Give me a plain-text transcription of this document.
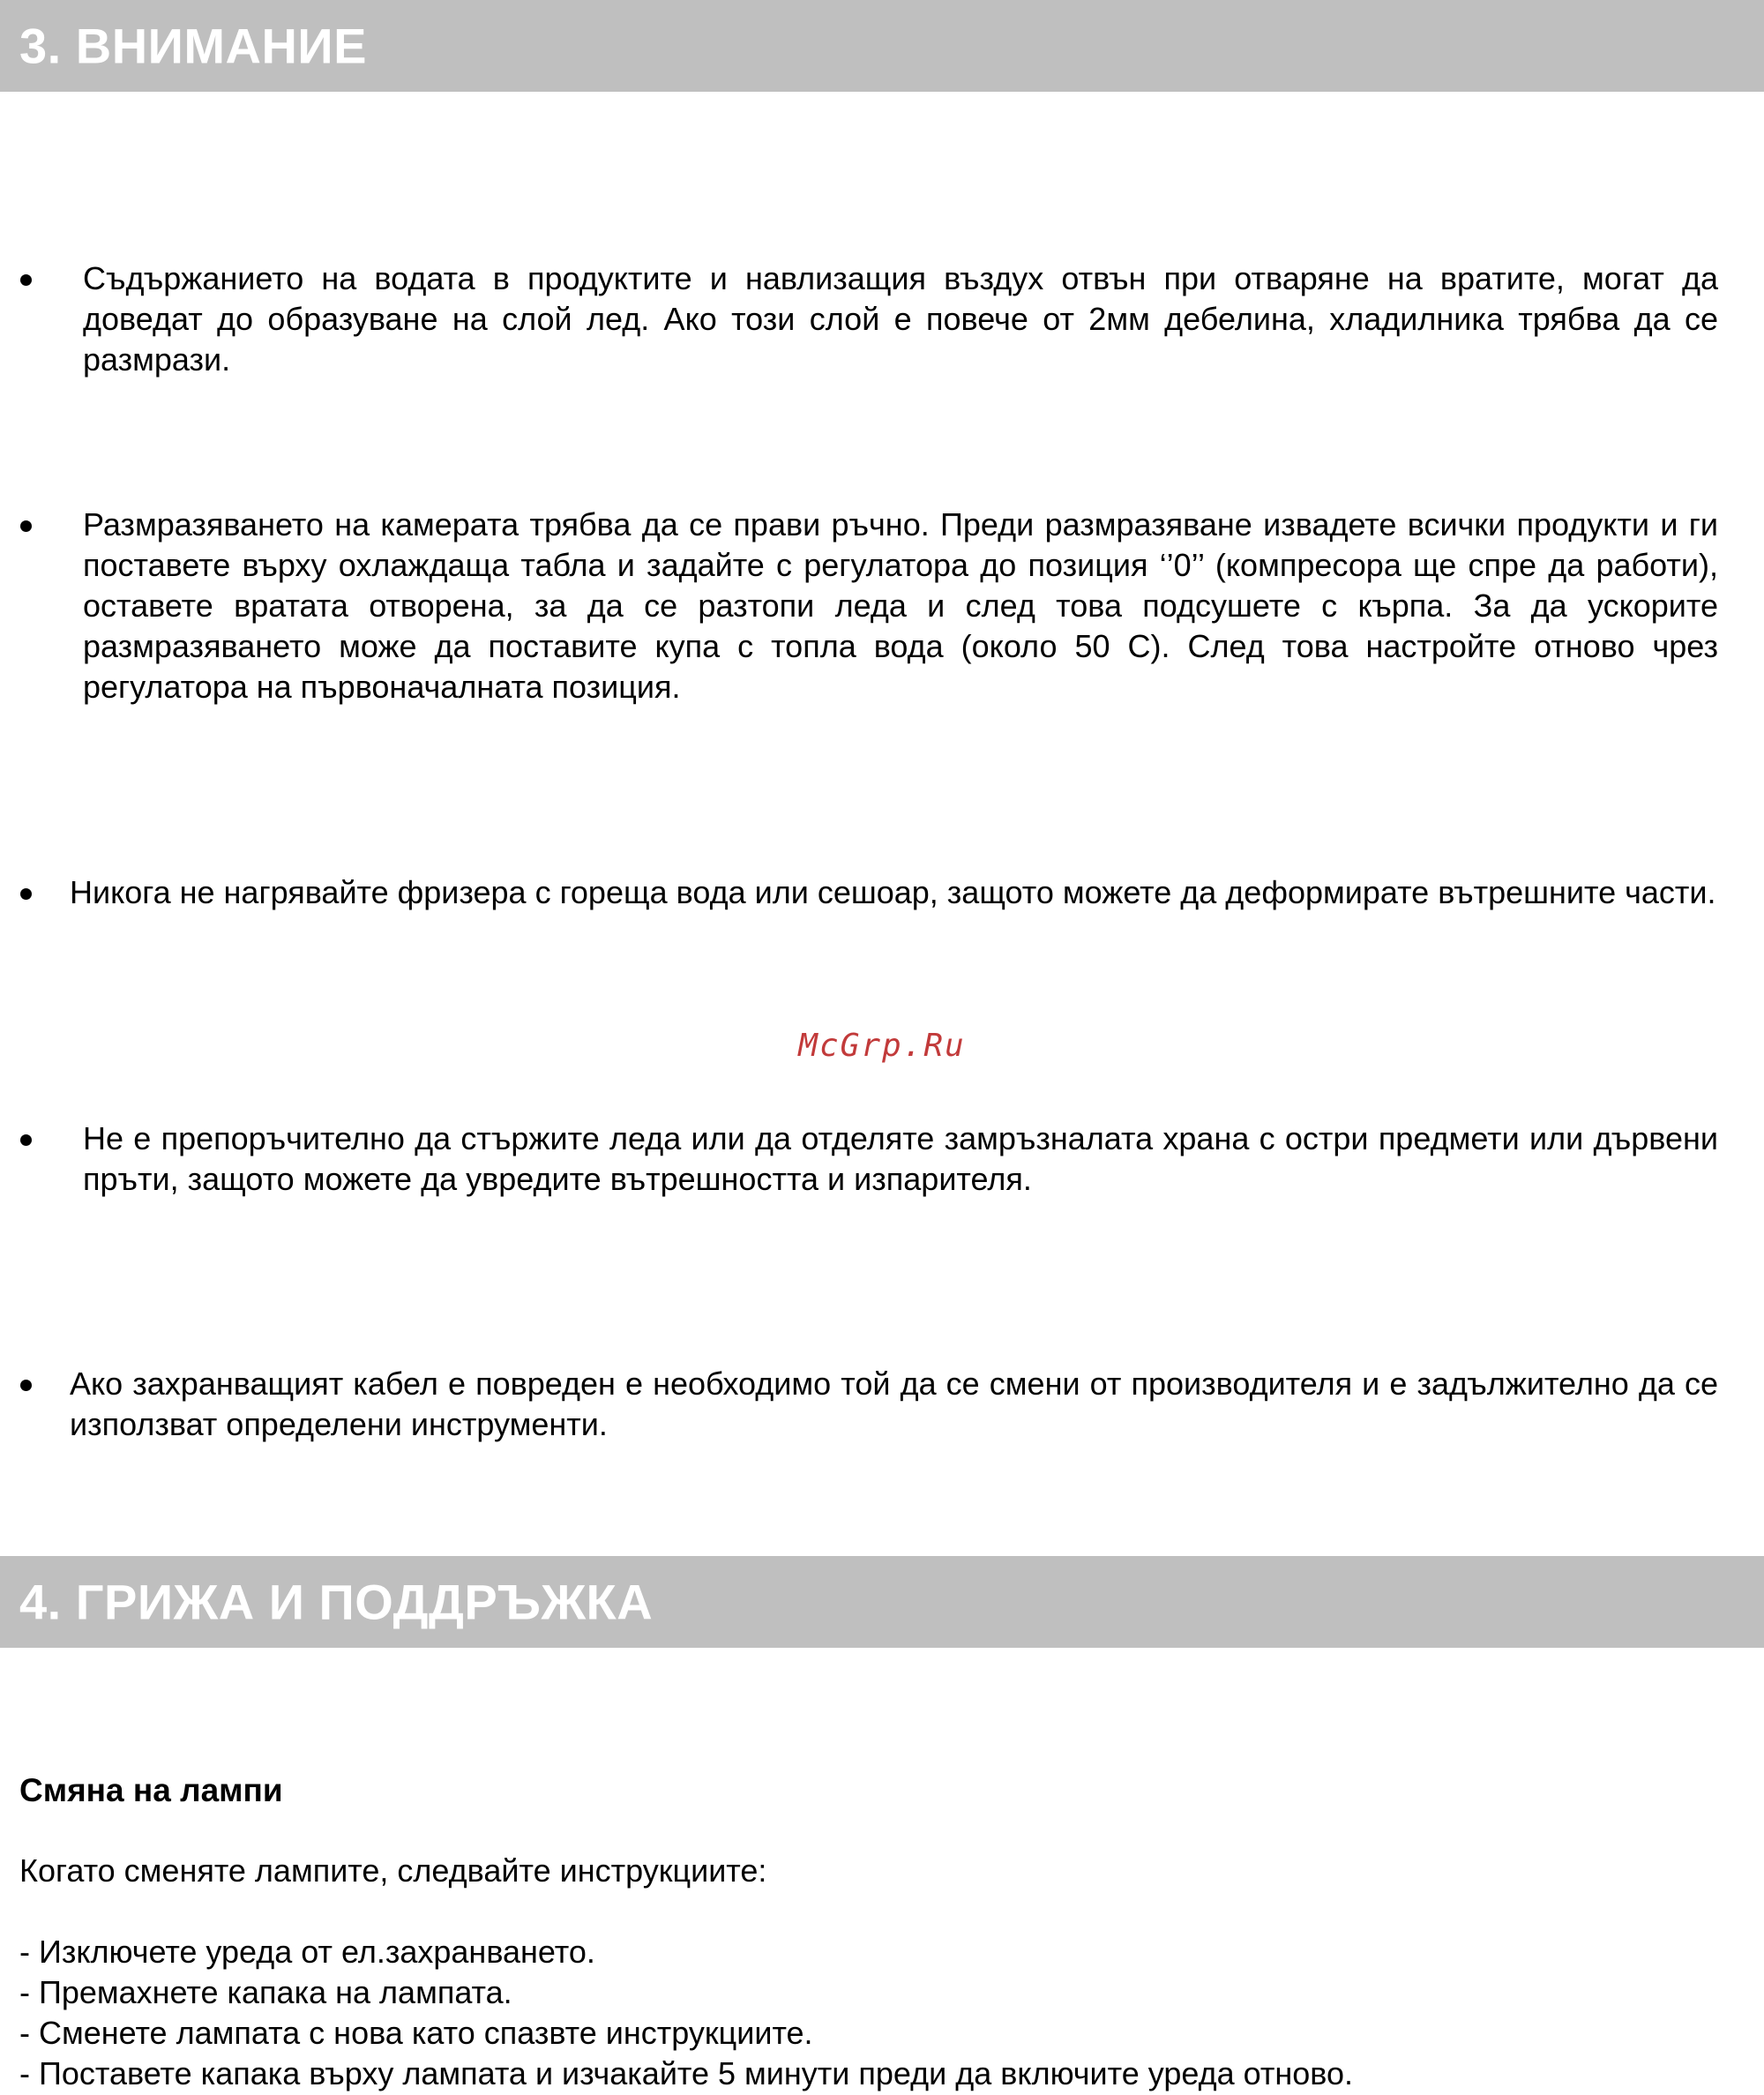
3. ВНИМАНИЕ
Съдържанието на водата в продуктите и навлизащия въздух отвън при отваряне на вратите, могат да доведат до образуване на слой лед. Ако този слой е повече от 2мм дебелина, хладилника трябва да се размрази.
Размразяването на камерата трябва да се прави ръчно. Преди размразяване извадете всички продукти и ги поставете върху охлаждаща табла и задайте с регулатора до позиция ‘’0’’ (компресора ще спре да работи), оставете вратата отворена, за да се разтопи леда и след това подсушете с кърпа. За да ускорите размразяването може да поставите купа с топла вода (около 50 С). След това настройте отново чрез регулатора на първоначалната позиция.
Никога не нагрявайте фризера с гореща вода или сешоар, защото можете да деформирате вътрешните части.
McGrp.Ru
Не е препоръчително да стържите леда или да отделяте замръзналата храна с остри предмети или дървени пръти, защото можете да увредите вътрешността и изпарителя.
Ако захранващият кабел е повреден е необходимо той да се смени от производителя и е задължително да се използват определени инструменти.
4. ГРИЖА И ПОДДРЪЖКА
Смяна на лампи
Когато сменяте лампите, следвайте инструкциите:
- Изключете уреда от ел.захранването.
- Премахнете капака на лампата.
- Сменете лампата с нова като спазвте инструкциите.
- Поставете капака върху лампата и изчакайте 5 минути преди да включите уреда отново.
